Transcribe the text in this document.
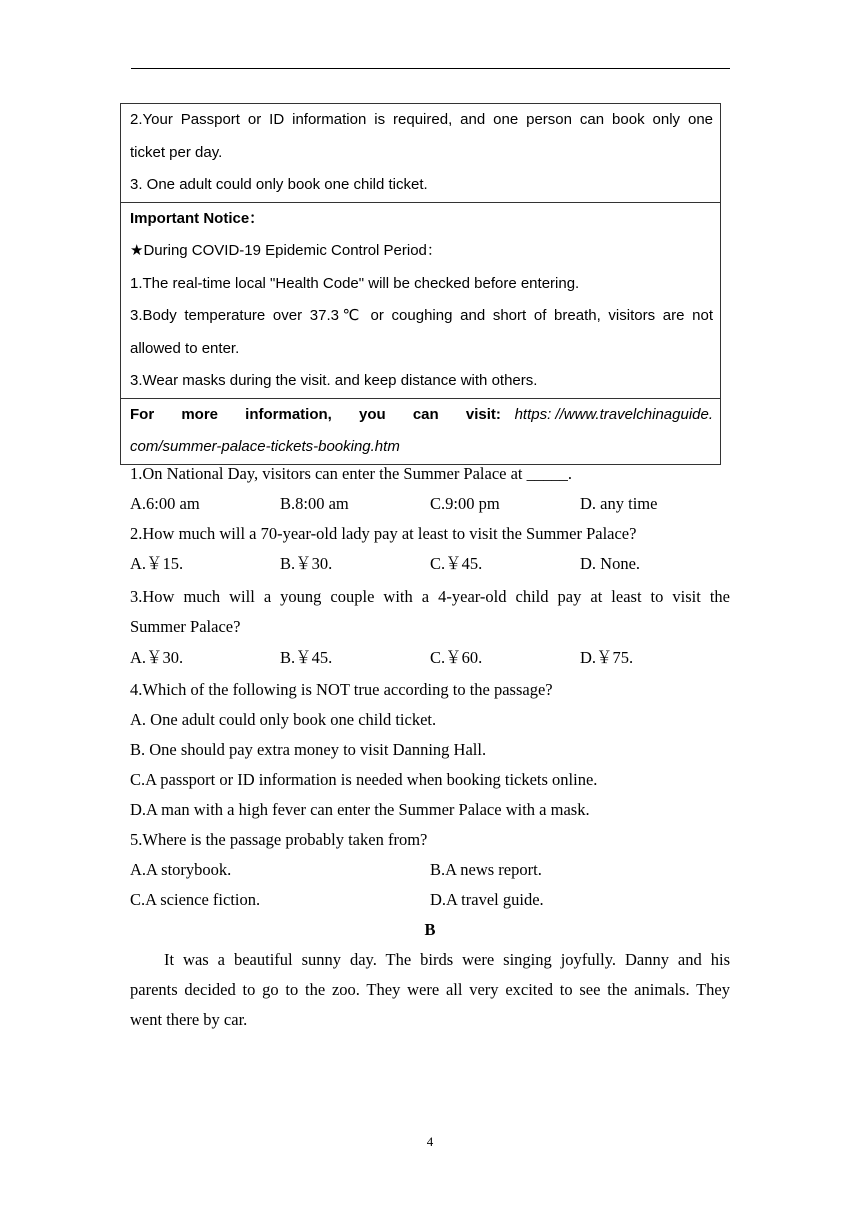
2.Your Passport or ID information is required, and one person can book only one
ticket per day.
3. One adult could only book one child ticket.
Important Notice：
★During COVID-19 Epidemic Control Period：
1.The real-time local "Health Code" will be checked before entering.
3.Body temperature over 37.3℃ or coughing and short of breath, visitors are not
allowed to enter.
3.Wear masks during the visit. and keep distance with others.
For more information, you can visit: https: //www.travelchinaguide.
com/summer-palace-tickets-booking.htm
1.On National Day, visitors can enter the Summer Palace at _____.
A.6:00 am	B.8:00 am	C.9:00 pm	D. any time
2.How much will a 70-year-old lady pay at least to visit the Summer Palace?
A.￥15.	B.￥30.	C.￥45.	D. None.
3.How much will a young couple with a 4-year-old child pay at least to visit the
Summer Palace?
A.￥30.	B.￥45.	C.￥60.	D.￥75.
4.Which of the following is NOT true according to the passage?
A. One adult could only book one child ticket.
B. One should pay extra money to visit Danning Hall.
C.A passport or ID information is needed when booking tickets online.
D.A man with a high fever can enter the Summer Palace with a mask.
5.Where is the passage probably taken from?
A.A storybook.	B.A news report.
C.A science fiction.	D.A travel guide.
B
It was a beautiful sunny day. The birds were singing joyfully. Danny and his
parents decided to go to the zoo. They were all very excited to see the animals. They
went there by car.
4
